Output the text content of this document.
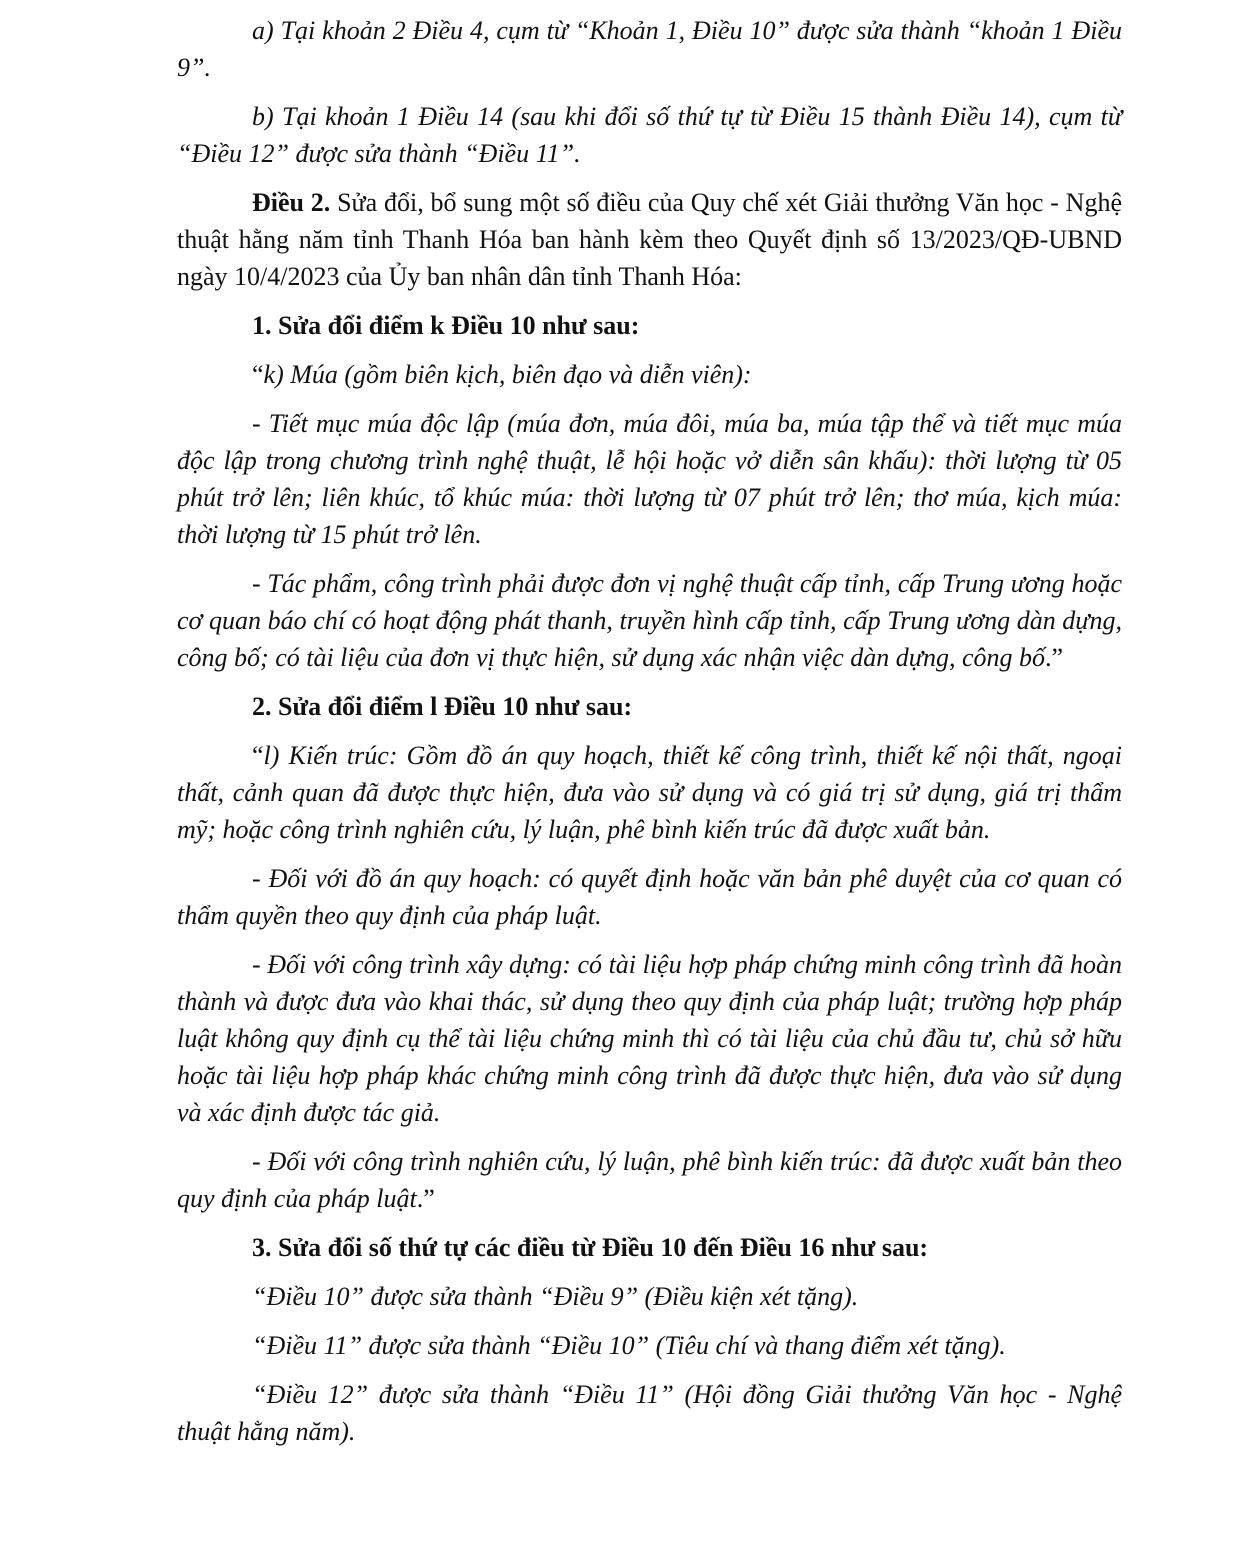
a) Tại khoản 2 Điều 4, cụm từ “Khoản 1, Điều 10” được sửa thành “khoản 1 Điều 9”.

b) Tại khoản 1 Điều 14 (sau khi đổi số thứ tự từ Điều 15 thành Điều 14), cụm từ “Điều 12” được sửa thành “Điều 11”.

Điều 2. Sửa đổi, bổ sung một số điều của Quy chế xét Giải thưởng Văn học - Nghệ thuật hằng năm tỉnh Thanh Hóa ban hành kèm theo Quyết định số 13/2023/QĐ-UBND ngày 10/4/2023 của Ủy ban nhân dân tỉnh Thanh Hóa:

1. Sửa đổi điểm k Điều 10 như sau:

“k) Múa (gồm biên kịch, biên đạo và diễn viên):

- Tiết mục múa độc lập (múa đơn, múa đôi, múa ba, múa tập thể và tiết mục múa độc lập trong chương trình nghệ thuật, lễ hội hoặc vở diễn sân khấu): thời lượng từ 05 phút trở lên; liên khúc, tổ khúc múa: thời lượng từ 07 phút trở lên; thơ múa, kịch múa: thời lượng từ 15 phút trở lên.

- Tác phẩm, công trình phải được đơn vị nghệ thuật cấp tỉnh, cấp Trung ương hoặc cơ quan báo chí có hoạt động phát thanh, truyền hình cấp tỉnh, cấp Trung ương dàn dựng, công bố; có tài liệu của đơn vị thực hiện, sử dụng xác nhận việc dàn dựng, công bố.”

2. Sửa đổi điểm l Điều 10 như sau:

“l) Kiến trúc: Gồm đồ án quy hoạch, thiết kế công trình, thiết kế nội thất, ngoại thất, cảnh quan đã được thực hiện, đưa vào sử dụng và có giá trị sử dụng, giá trị thẩm mỹ; hoặc công trình nghiên cứu, lý luận, phê bình kiến trúc đã được xuất bản.

- Đối với đồ án quy hoạch: có quyết định hoặc văn bản phê duyệt của cơ quan có thẩm quyền theo quy định của pháp luật.

- Đối với công trình xây dựng: có tài liệu hợp pháp chứng minh công trình đã hoàn thành và được đưa vào khai thác, sử dụng theo quy định của pháp luật; trường hợp pháp luật không quy định cụ thể tài liệu chứng minh thì có tài liệu của chủ đầu tư, chủ sở hữu hoặc tài liệu hợp pháp khác chứng minh công trình đã được thực hiện, đưa vào sử dụng và xác định được tác giả.

- Đối với công trình nghiên cứu, lý luận, phê bình kiến trúc: đã được xuất bản theo quy định của pháp luật.”

3. Sửa đổi số thứ tự các điều từ Điều 10 đến Điều 16 như sau:

“Điều 10” được sửa thành “Điều 9” (Điều kiện xét tặng).

“Điều 11” được sửa thành “Điều 10” (Tiêu chí và thang điểm xét tặng).

“Điều 12” được sửa thành “Điều 11” (Hội đồng Giải thưởng Văn học - Nghệ thuật hằng năm).
